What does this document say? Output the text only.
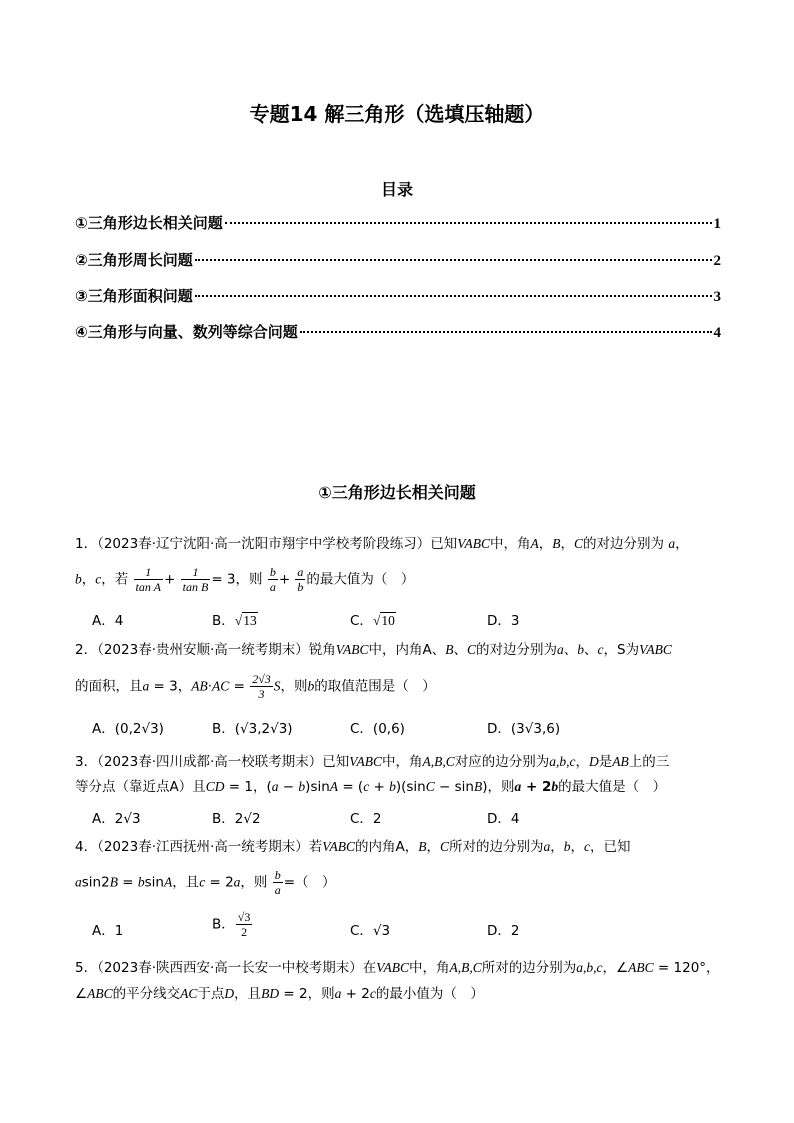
专题14 解三角形（选填压轴题）
目录
①三角形边长相关问题	1
②三角形周长问题	2
③三角形面积问题	3
④三角形与向量、数列等综合问题	4
①三角形边长相关问题
1．（2023春·辽宁沈阳·高一沈阳市翔宇中学校考阶段练习）已知VABC中，角A，B，C的对边分别为 a，
b，c，若 $\frac{1}{\text{tan A}} + \frac{1}{\text{tan B}} = 3$，则 $\frac{b}{a} + \frac{a}{b}$ 的最大值为（　）
A．4	B．√13	C．√10	D．3
2．（2023春·贵州安顺·高一统考期末）锐角VABC中，内角A、B、C的对边分别为a、b、c，S为VABC
的面积，且a = 3，$AB\cdot AC = \frac{2√3}{3}$ S，则b的取值范围是（　）
A．(0,2√3)	B．(√3,2√3)	C．(0,6)	D．(3√3,6)
3．（2023春·四川成都·高一校联考期末）已知VABC中，角A,B,C对应的边分别为a,b,c，D是AB上的三
等分点（靠近点A）且CD = 1，(a − b)sinA = (c + b)(sinC − sinB)，则a + 2b的最大值是（　）
A．2√3	B．2√2	C．2	D．4
4．（2023春·江西抚州·高一统考期末）若VABC的内角A，B，C所对的边分别为a，b，c，已知
asin2B = bsinA，且c = 2a，则 $\frac{b}{a}$ =（　）
A．1	B． $\frac{√3}{2}$	C．√3	D．2
5．（2023春·陕西西安·高一长安一中校考期末）在VABC中，角A,B,C所对的边分别为a,b,c，∠ABC = 120°，
∠ABC的平分线交AC于点D，且BD = 2，则a + 2c的最小值为（　）
